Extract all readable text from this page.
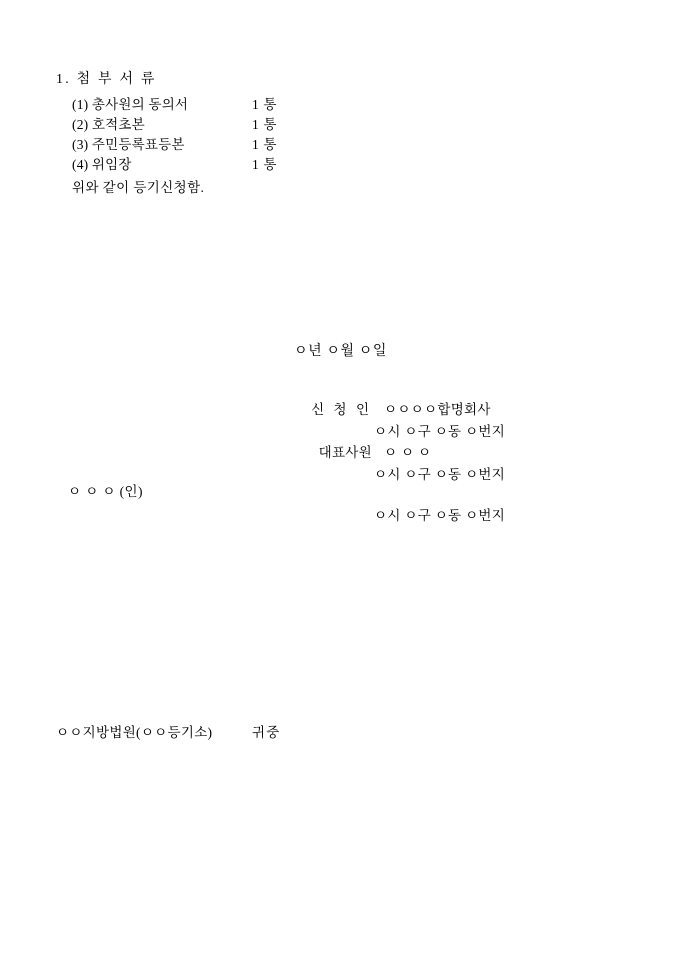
1. 첨 부 서 류
(1) 총사원의 동의서	1 통
(2) 호적초본	1 통
(3) 주민등록표등본	1 통
(4) 위임장	1 통
위와 같이 등기신청함.
ㅇ년 ㅇ월 ㅇ일
신 청 인 ㅇㅇㅇㅇ합명회사
ㅇ시 ㅇ구 ㅇ동 ㅇ번지
대표사원 ㅇ ㅇ ㅇ
ㅇ시 ㅇ구 ㅇ동 ㅇ번지
ㅇ시 ㅇ구 ㅇ동 ㅇ번지
ㅇ ㅇ ㅇ (인)
ㅇㅇ지방법원(ㅇㅇ등기소)	귀중
